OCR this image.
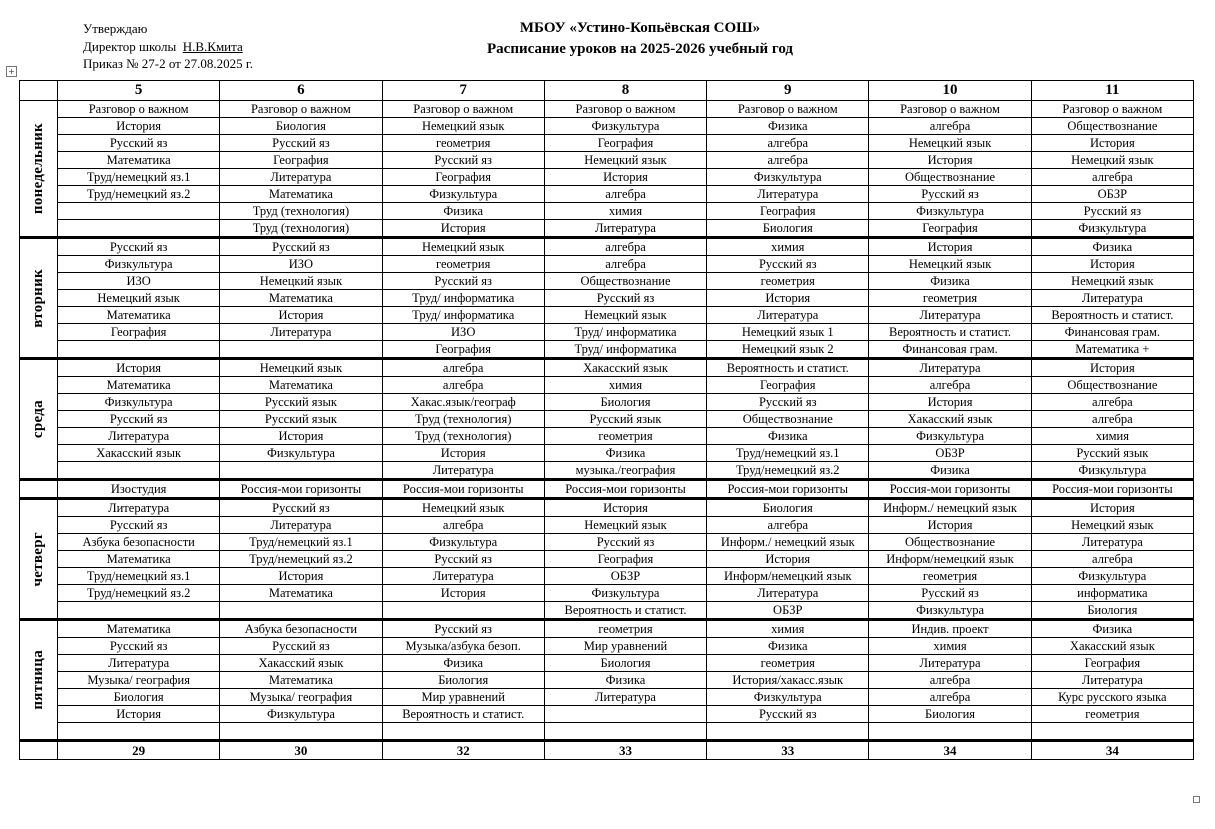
Утверждаю
Директор школы Н.В.Кмита
Приказ № 27-2 от 27.08.2025 г.
МБОУ «Устино-Копьёвская СОШ»
Расписание уроков на 2025-2026 учебный год
+
	5	6	7	8	9	10	11

понедельник	Разговор о важном	Разговор о важном	Разговор о важном	Разговор о важном	Разговор о важном	Разговор о важном	Разговор о важном
	История	Биология	Немецкий язык	Физкультура	Физика	алгебра	Обществознание
	Русский яз	Русский яз	геометрия	География	алгебра	Немецкий язык	История
	Математика	География	Русский яз	Немецкий язык	алгебра	История	Немецкий язык
	Труд/немецкий яз.1	Литература	География	История	Физкультура	Обществознание	алгебра
	Труд/немецкий яз.2	Математика	Физкультура	алгебра	Литература	Русский яз	ОБЗР
		Труд (технология)	Физика	химия	География	Физкультура	Русский яз
		Труд (технология)	История	Литература	Биология	География	Физкультура

вторник	Русский яз	Русский яз	Немецкий язык	алгебра	химия	История	Физика
	Физкультура	ИЗО	геометрия	алгебра	Русский яз	Немецкий язык	История
	ИЗО	Немецкий язык	Русский яз	Обществознание	геометрия	Физика	Немецкий язык
	Немецкий язык	Математика	Труд/ информатика	Русский яз	История	геометрия	Литература
	Математика	История	Труд/ информатика	Немецкий язык	Литература	Литература	Вероятность и статист.
	География	Литература	ИЗО	Труд/ информатика	Немецкий язык 1	Вероятность и статист.	Финансовая грам.
			География	Труд/ информатика	Немецкий язык 2	Финансовая грам.	Математика +

среда	История	Немецкий язык	алгебра	Хакасский язык	Вероятность и статист.	Литература	История
	Математика	Математика	алгебра	химия	География	алгебра	Обществознание
	Физкультура	Русский язык	Хакас.язык/географ	Биология	Русский яз	История	алгебра
	Русский яз	Русский язык	Труд (технология)	Русский язык	Обществознание	Хакасский язык	алгебра
	Литература	История	Труд (технология)	геометрия	Физика	Физкультура	химия
	Хакасский язык	Физкультура	История	Физика	Труд/немецкий яз.1	ОБЗР	Русский язык
			Литература	музыка./география	Труд/немецкий яз.2	Физика	Физкультура
	Изостудия	Россия-мои горизонты	Россия-мои горизонты	Россия-мои горизонты	Россия-мои горизонты	Россия-мои горизонты	Россия-мои горизонты

четверг	Литература	Русский яз	Немецкий язык	История	Биология	Информ./ немецкий язык	История
	Русский яз	Литература	алгебра	Немецкий язык	алгебра	История	Немецкий язык
	Азбука безопасности	Труд/немецкий яз.1	Физкультура	Русский яз	Информ./ немецкий язык	Обществознание	Литература
	Математика	Труд/немецкий яз.2	Русский яз	География	История	Информ/немецкий язык	алгебра
	Труд/немецкий яз.1	История	Литература	ОБЗР	Информ/немецкий язык	геометрия	Физкультура
	Труд/немецкий яз.2	Математика	История	Физкультура	Литература	Русский яз	информатика
				Вероятность и статист.	ОБЗР	Физкультура	Биология

пятница	Математика	Азбука безопасности	Русский яз	геометрия	химия	Индив. проект	Физика
	Русский яз	Русский яз	Музыка/азбука безоп.	Мир уравнений	Физика	химия	Хакасский язык
	Литература	Хакасский язык	Физика	Биология	геометрия	Литература	География
	Музыка/ география	Математика	Биология	Физика	История/хакасс.язык	алгебра	Литература
	Биология	Музыка/ география	Мир уравнений	Литература	Физкультура	алгебра	Курс русского языка
	История	Физкультура	Вероятность и статист.		Русский яз	Биология	геометрия

	29	30	32	33	33	34	34
